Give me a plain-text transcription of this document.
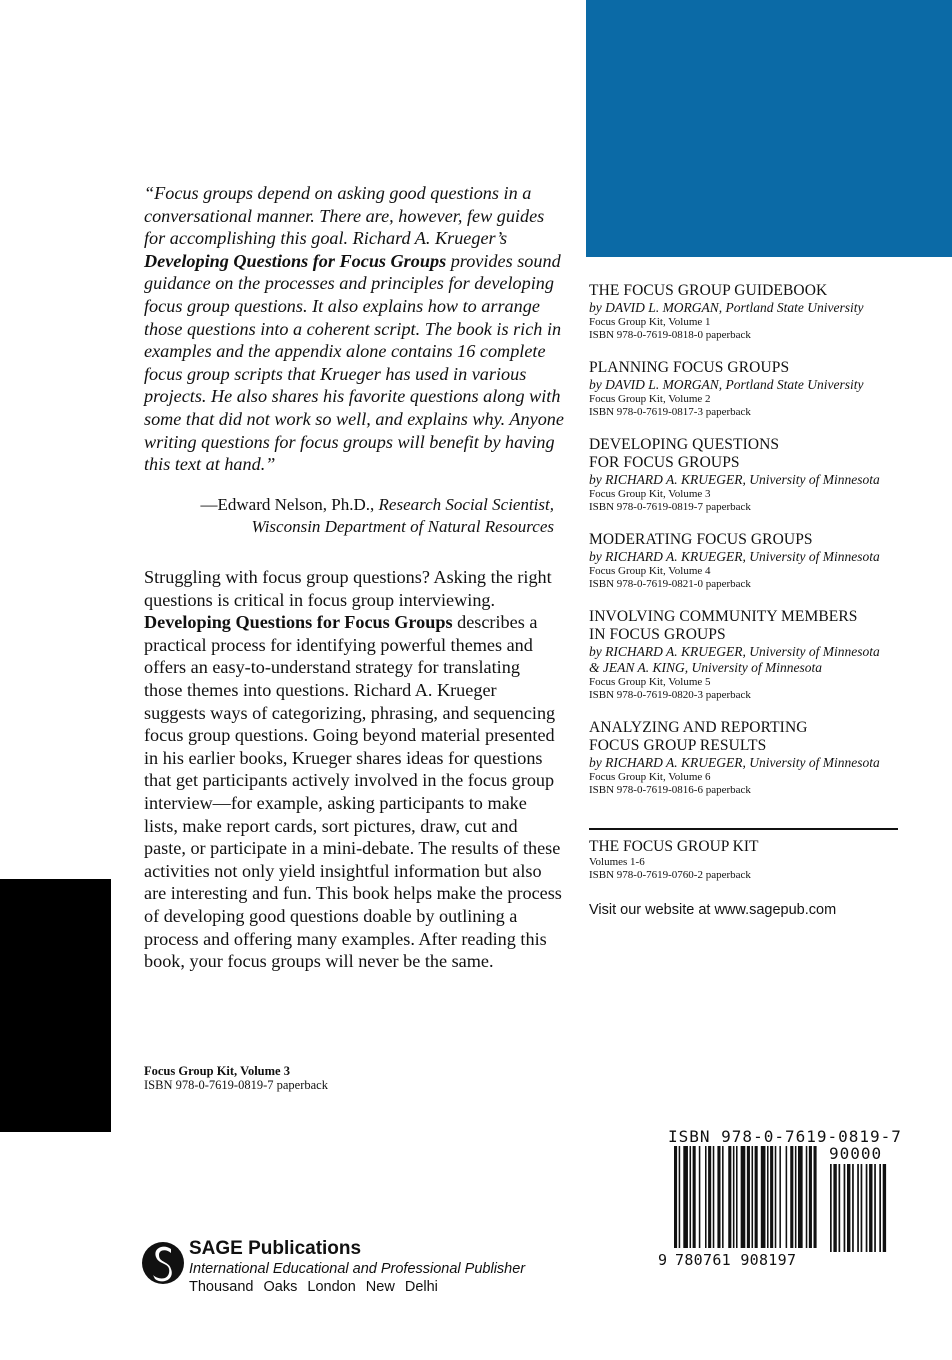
“Focus groups depend on asking good questions in a conversational manner. There are, however, few guides for accomplishing this goal. Richard A. Krueger’s Developing Questions for Focus Groups provides sound guidance on the processes and principles for developing focus group questions. It also explains how to arrange those questions into a coherent script. The book is rich in examples and the appendix alone contains 16 complete focus group scripts that Krueger has used in various projects. He also shares his favorite questions along with some that did not work so well, and explains why. Anyone writing questions for focus groups will benefit by having this text at hand.”

—Edward Nelson, Ph.D., Research Social Scientist,
Wisconsin Department of Natural Resources

Struggling with focus group questions? Asking the right questions is critical in focus group interviewing. Developing Questions for Focus Groups describes a practical process for identifying powerful themes and offers an easy-to-understand strategy for translating those themes into questions. Richard A. Krueger suggests ways of categorizing, phrasing, and sequencing focus group questions. Going beyond material presented in his earlier books, Krueger shares ideas for questions that get participants actively involved in the focus group interview—for example, asking participants to make lists, make report cards, sort pictures, draw, cut and paste, or participate in a mini-debate. The results of these activities not only yield insightful information but also are interesting and fun. This book helps make the process of developing good questions doable by outlining a process and offering many examples. After reading this book, your focus groups will never be the same.

Focus Group Kit, Volume 3
ISBN 978-0-7619-0819-7 paperback
THE FOCUS GROUP GUIDEBOOK
by DAVID L. MORGAN, Portland State University
Focus Group Kit, Volume 1
ISBN 978-0-7619-0818-0 paperback
PLANNING FOCUS GROUPS
by DAVID L. MORGAN, Portland State University
Focus Group Kit, Volume 2
ISBN 978-0-7619-0817-3 paperback
DEVELOPING QUESTIONS
FOR FOCUS GROUPS
by RICHARD A. KRUEGER, University of Minnesota
Focus Group Kit, Volume 3
ISBN 978-0-7619-0819-7 paperback
MODERATING FOCUS GROUPS
by RICHARD A. KRUEGER, University of Minnesota
Focus Group Kit, Volume 4
ISBN 978-0-7619-0821-0 paperback
INVOLVING COMMUNITY MEMBERS
IN FOCUS GROUPS
by RICHARD A. KRUEGER, University of Minnesota
& JEAN A. KING, University of Minnesota
Focus Group Kit, Volume 5
ISBN 978-0-7619-0820-3 paperback
ANALYZING AND REPORTING
FOCUS GROUP RESULTS
by RICHARD A. KRUEGER, University of Minnesota
Focus Group Kit, Volume 6
ISBN 978-0-7619-0816-6 paperback
THE FOCUS GROUP KIT
Volumes 1-6
ISBN 978-0-7619-0760-2 paperback
Visit our website at www.sagepub.com
ISBN 978-0-7619-0819-7
90000
9 780761 908197
SAGE Publications
International Educational and Professional Publisher
Thousand Oaks London New Delhi
